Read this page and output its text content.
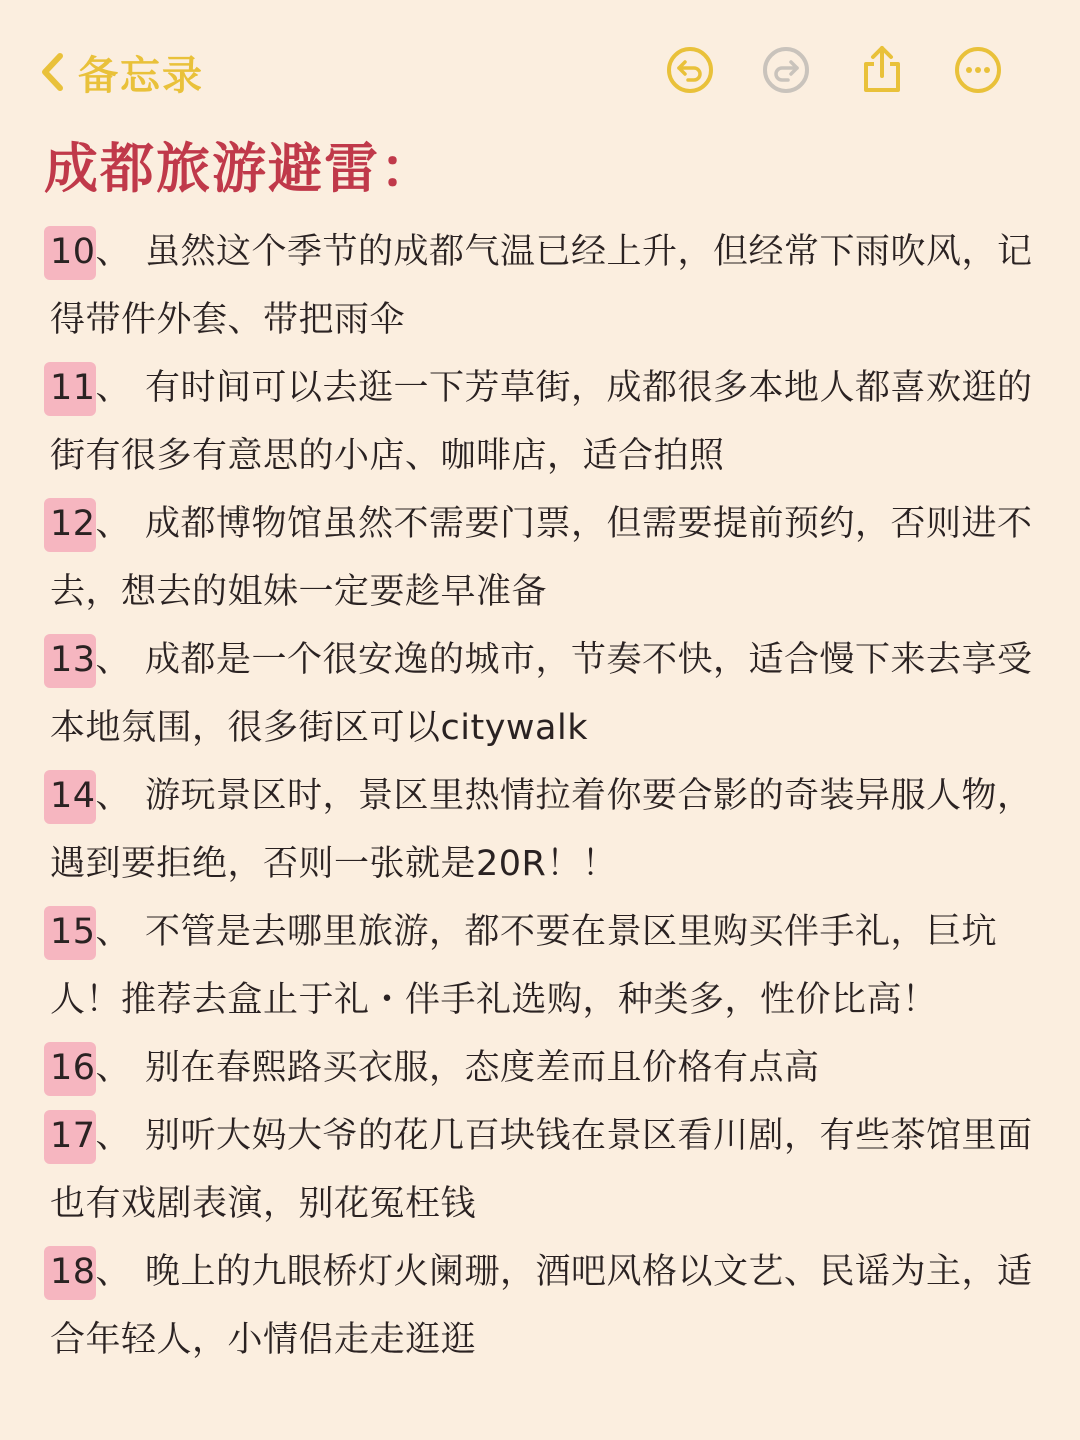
备忘录
成都旅游避雷：
10、 虽然这个季节的成都气温已经上升，但经常下雨吹风，记得带件外套、带把雨伞
11、 有时间可以去逛一下芳草街，成都很多本地人都喜欢逛的街有很多有意思的小店、咖啡店，适合拍照
12、 成都博物馆虽然不需要门票，但需要提前预约，否则进不去，想去的姐妹一定要趁早准备
13、 成都是一个很安逸的城市，节奏不快，适合慢下来去享受本地氛围，很多街区可以citywalk
14、 游玩景区时，景区里热情拉着你要合影的奇装异服人物，遇到要拒绝，否则一张就是20R！！
15、 不管是去哪里旅游，都不要在景区里购买伴手礼，巨坑人！推荐去盒止于礼・伴手礼选购，种类多，性价比高！
16、 别在春熙路买衣服，态度差而且价格有点高
17、 别听大妈大爷的花几百块钱在景区看川剧，有些茶馆里面也有戏剧表演，别花冤枉钱
18、 晚上的九眼桥灯火阑珊，酒吧风格以文艺、民谣为主，适合年轻人，小情侣走走逛逛
